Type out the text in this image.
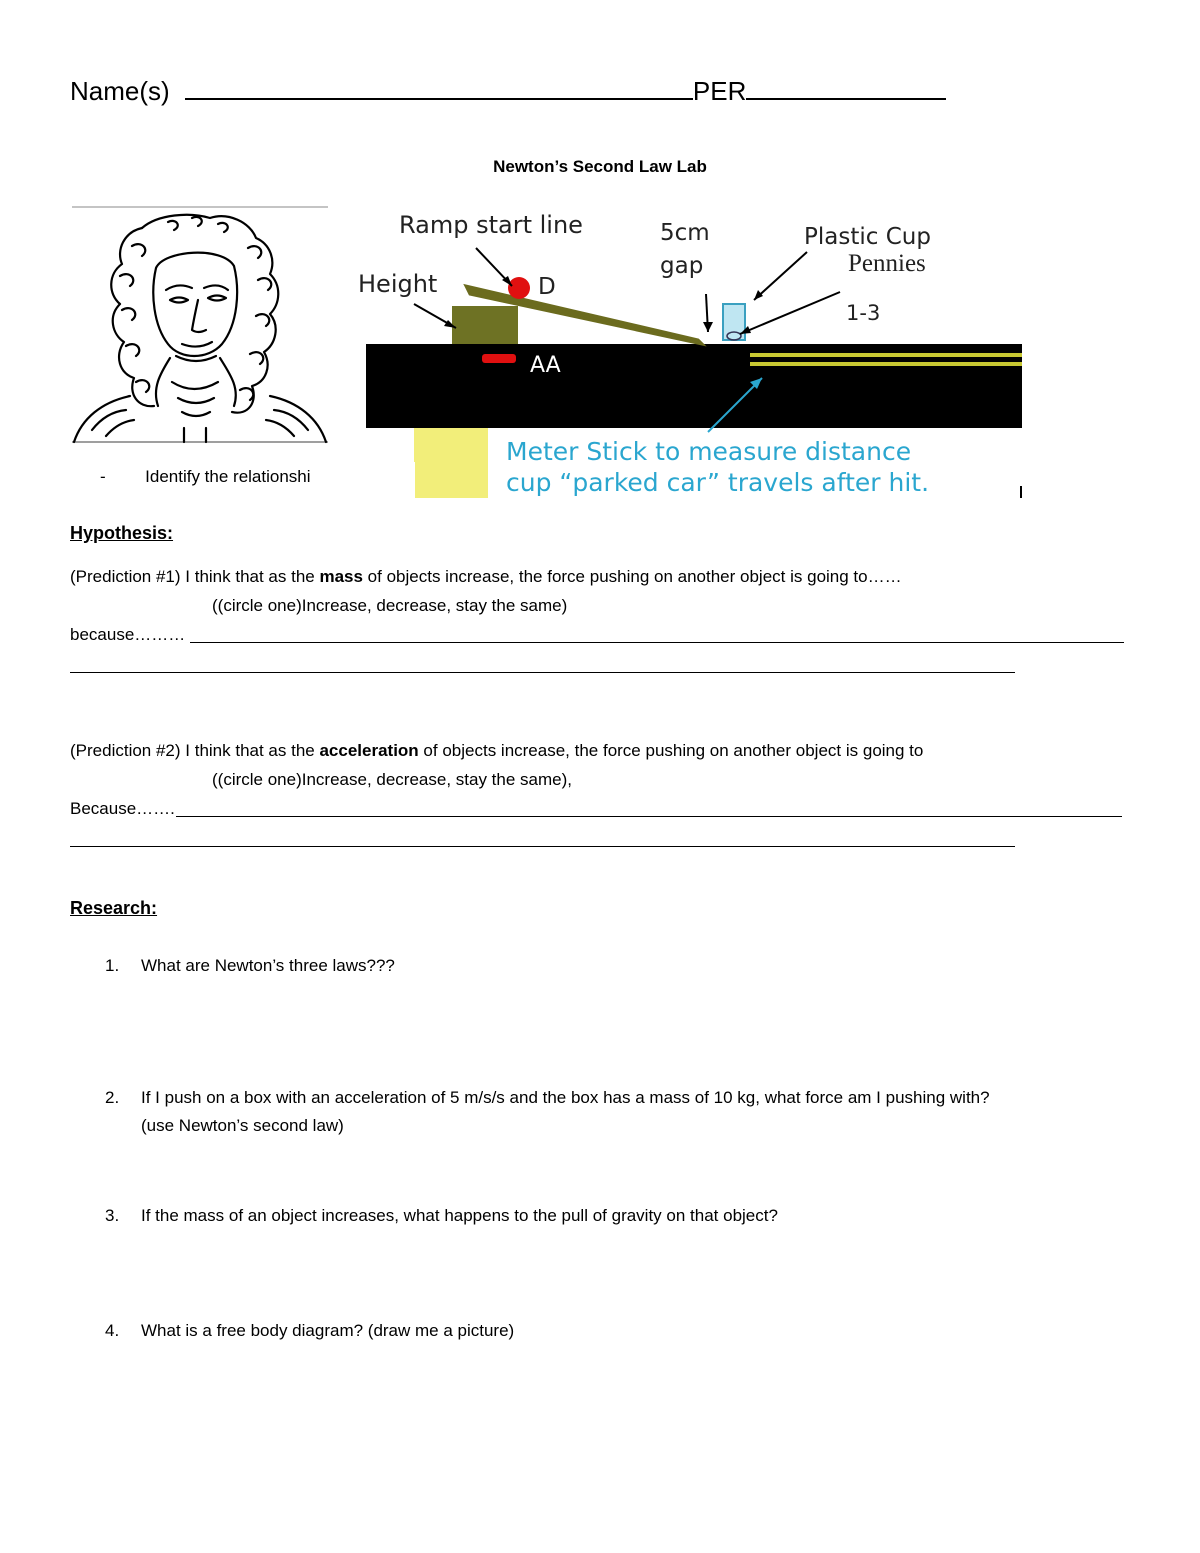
Name(s)	PER
Newton’s Second Law Lab
Ramp start line	5cm
gap
Plastic Cup
Height	D
AA
1-3
Meter Stick to measure distance
cup “parked car” travels after hit.
Pennies
- Identify the relationshi
Hypothesis:
(Prediction #1) I think that as the mass of objects increase, the force pushing on another object is going to……
((circle one)Increase, decrease, stay the same)
because………
(Prediction #2) I think that as the acceleration of objects increase, the force pushing on another object is going to
((circle one)Increase, decrease, stay the same),
Because…….
Research:
1. What are Newton’s three laws???
2. If I push on a box with an acceleration of 5 m/s/s and the box has a mass of 10 kg, what force am I pushing with?
(use Newton’s second law)
3. If the mass of an object increases, what happens to the pull of gravity on that object?
4. What is a free body diagram? (draw me a picture)
